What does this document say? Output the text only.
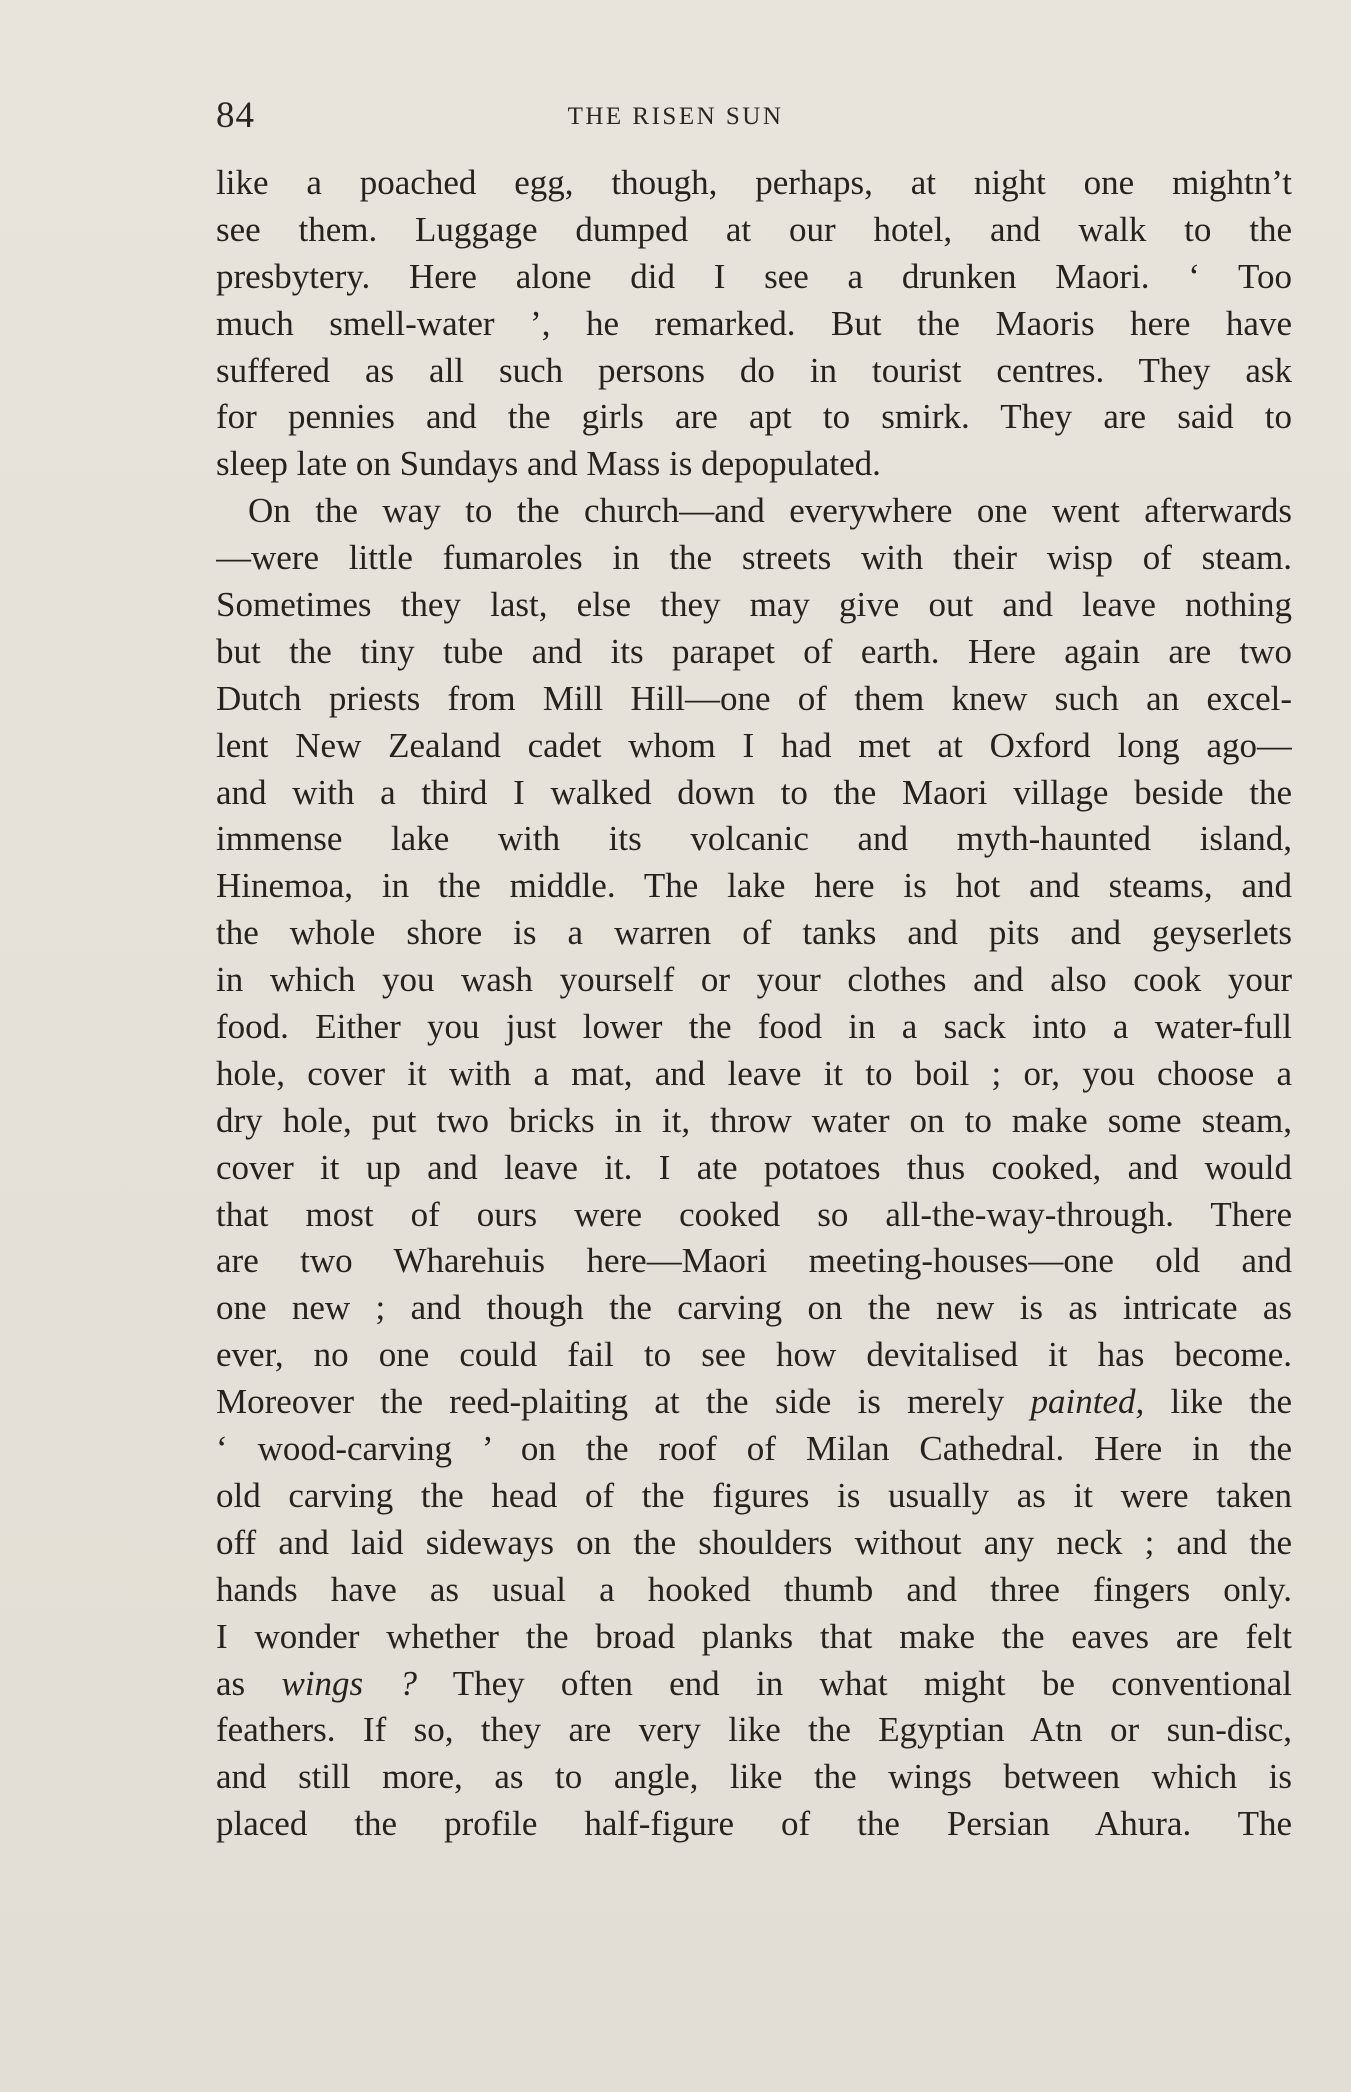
84	THE RISEN SUN
like a poached egg, though, perhaps, at night one mightn’t
see them. Luggage dumped at our hotel, and walk to the
presbytery. Here alone did I see a drunken Maori. ‘ Too
much smell-water ’, he remarked. But the Maoris here have
suffered as all such persons do in tourist centres. They ask
for pennies and the girls are apt to smirk. They are said to
sleep late on Sundays and Mass is depopulated.
On the way to the church—and everywhere one went afterwards
—were little fumaroles in the streets with their wisp of steam.
Sometimes they last, else they may give out and leave nothing
but the tiny tube and its parapet of earth. Here again are two
Dutch priests from Mill Hill—one of them knew such an excel-
lent New Zealand cadet whom I had met at Oxford long ago—
and with a third I walked down to the Maori village beside the
immense lake with its volcanic and myth-haunted island,
Hinemoa, in the middle. The lake here is hot and steams, and
the whole shore is a warren of tanks and pits and geyserlets
in which you wash yourself or your clothes and also cook your
food. Either you just lower the food in a sack into a water-full
hole, cover it with a mat, and leave it to boil ; or, you choose a
dry hole, put two bricks in it, throw water on to make some steam,
cover it up and leave it. I ate potatoes thus cooked, and would
that most of ours were cooked so all-the-way-through. There
are two Wharehuis here—Maori meeting-houses—one old and
one new ; and though the carving on the new is as intricate as
ever, no one could fail to see how devitalised it has become.
Moreover the reed-plaiting at the side is merely painted, like the
‘ wood-carving ’ on the roof of Milan Cathedral. Here in the
old carving the head of the figures is usually as it were taken
off and laid sideways on the shoulders without any neck ; and the
hands have as usual a hooked thumb and three fingers only.
I wonder whether the broad planks that make the eaves are felt
as wings ? They often end in what might be conventional
feathers. If so, they are very like the Egyptian Atn or sun-disc,
and still more, as to angle, like the wings between which is
placed the profile half-figure of the Persian Ahura. The
